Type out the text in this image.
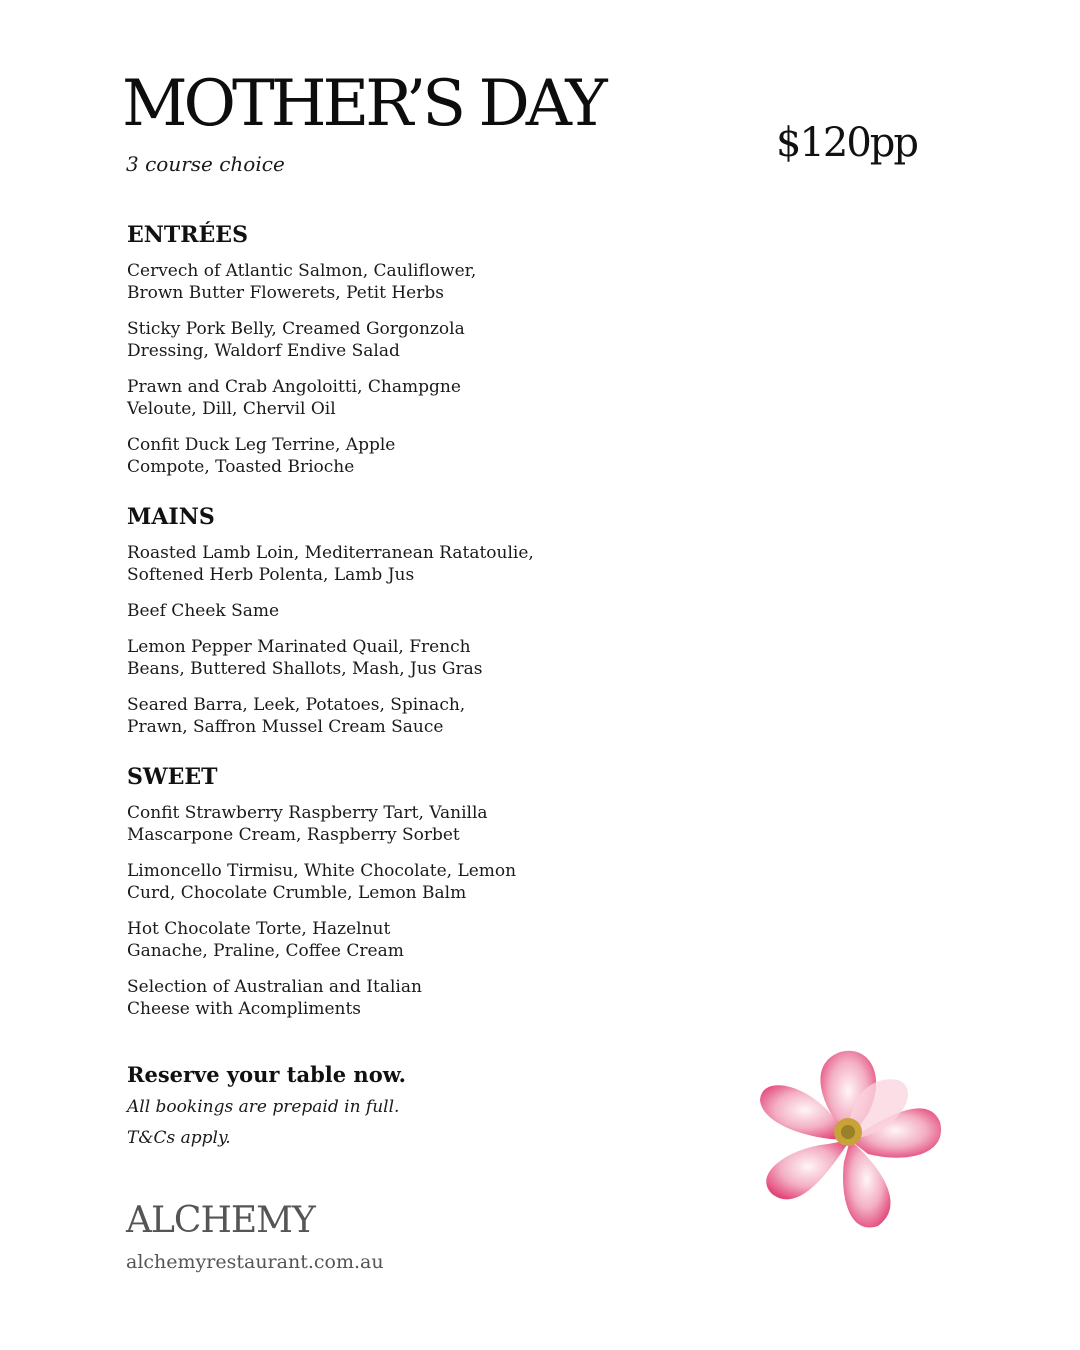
MOTHER’S DAY
3 course choice	$120pp
ENTRÉES
Cervech of Atlantic Salmon, Cauliflower,
Brown Butter Flowerets, Petit Herbs
Sticky Pork Belly, Creamed Gorgonzola
Dressing, Waldorf Endive Salad
Prawn and Crab Angoloitti, Champgne
Veloute, Dill, Chervil Oil
Confit Duck Leg Terrine, Apple
Compote, Toasted Brioche
MAINS
Roasted Lamb Loin, Mediterranean Ratatoulie,
Softened Herb Polenta, Lamb Jus
Beef Cheek Same
Lemon Pepper Marinated Quail, French
Beans, Buttered Shallots, Mash, Jus Gras
Seared Barra, Leek, Potatoes, Spinach,
Prawn, Saffron Mussel Cream Sauce
SWEET
Confit Strawberry Raspberry Tart, Vanilla
Mascarpone Cream, Raspberry Sorbet
Limoncello Tirmisu, White Chocolate, Lemon
Curd, Chocolate Crumble, Lemon Balm
Hot Chocolate Torte, Hazelnut
Ganache, Praline, Coffee Cream
Selection of Australian and Italian
Cheese with Acompliments
Reserve your table now.
All bookings are prepaid in full.
T&Cs apply.
ALCHEMY
alchemyrestaurant.com.au
